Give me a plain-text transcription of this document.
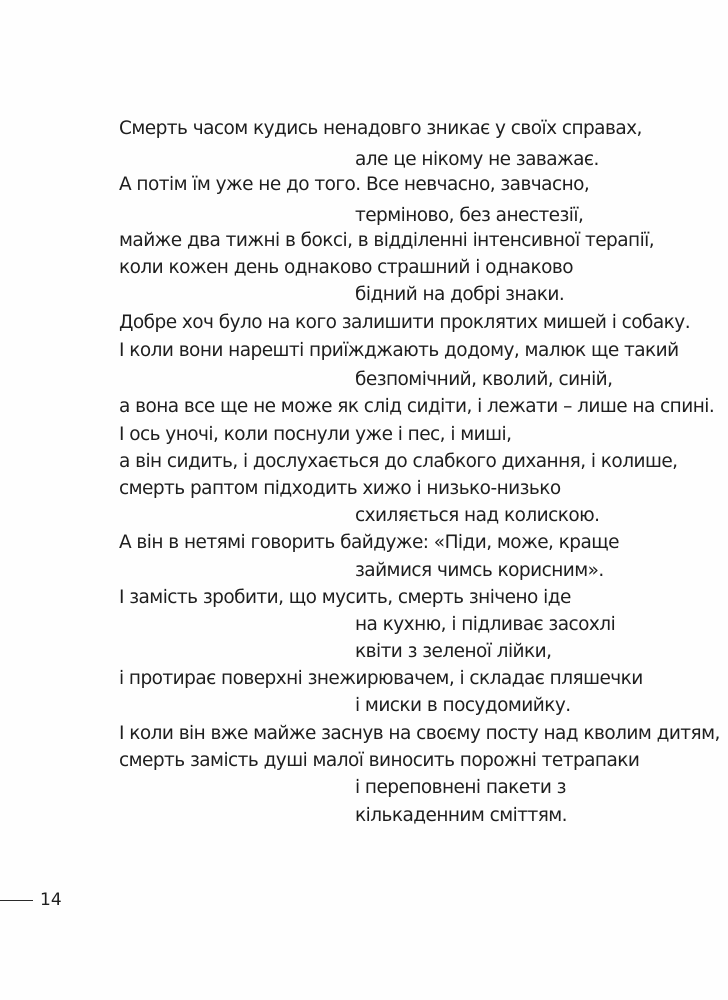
Смерть часом кудись ненадовго зникає у своїх справах,
але це нікому не заважає.
А потім їм уже не до того. Все невчасно, завчасно,
терміново, без анестезії,
майже два тижні в боксі, в відділенні інтенсивної терапії,
коли кожен день однаково страшний і однаково
бідний на добрі знаки.
Добре хоч було на кого залишити проклятих мишей і собаку.
І коли вони нарешті приїжджають додому, малюк ще такий
безпомічний, кволий, синій,
а вона все ще не може як слід сидіти, і лежати – лише на спині.
І ось уночі, коли поснули уже і пес, і миші,
а він сидить, і дослухається до слабкого дихання, і колише,
смерть раптом підходить хижо і низько-низько
схиляється над колискою.
А він в нетямі говорить байдуже: «Піди, може, краще
займися чимсь корисним».
І замість зробити, що мусить, смерть знічено іде
на кухню, і підливає засохлі
квіти з зеленої лійки,
і протирає поверхні знежирювачем, і складає пляшечки
і миски в посудомийку.
І коли він вже майже заснув на своєму посту над кволим дитям,
смерть замість душі малої виносить порожні тетрапаки
і переповнені пакети з
кількаденним сміттям.
14
